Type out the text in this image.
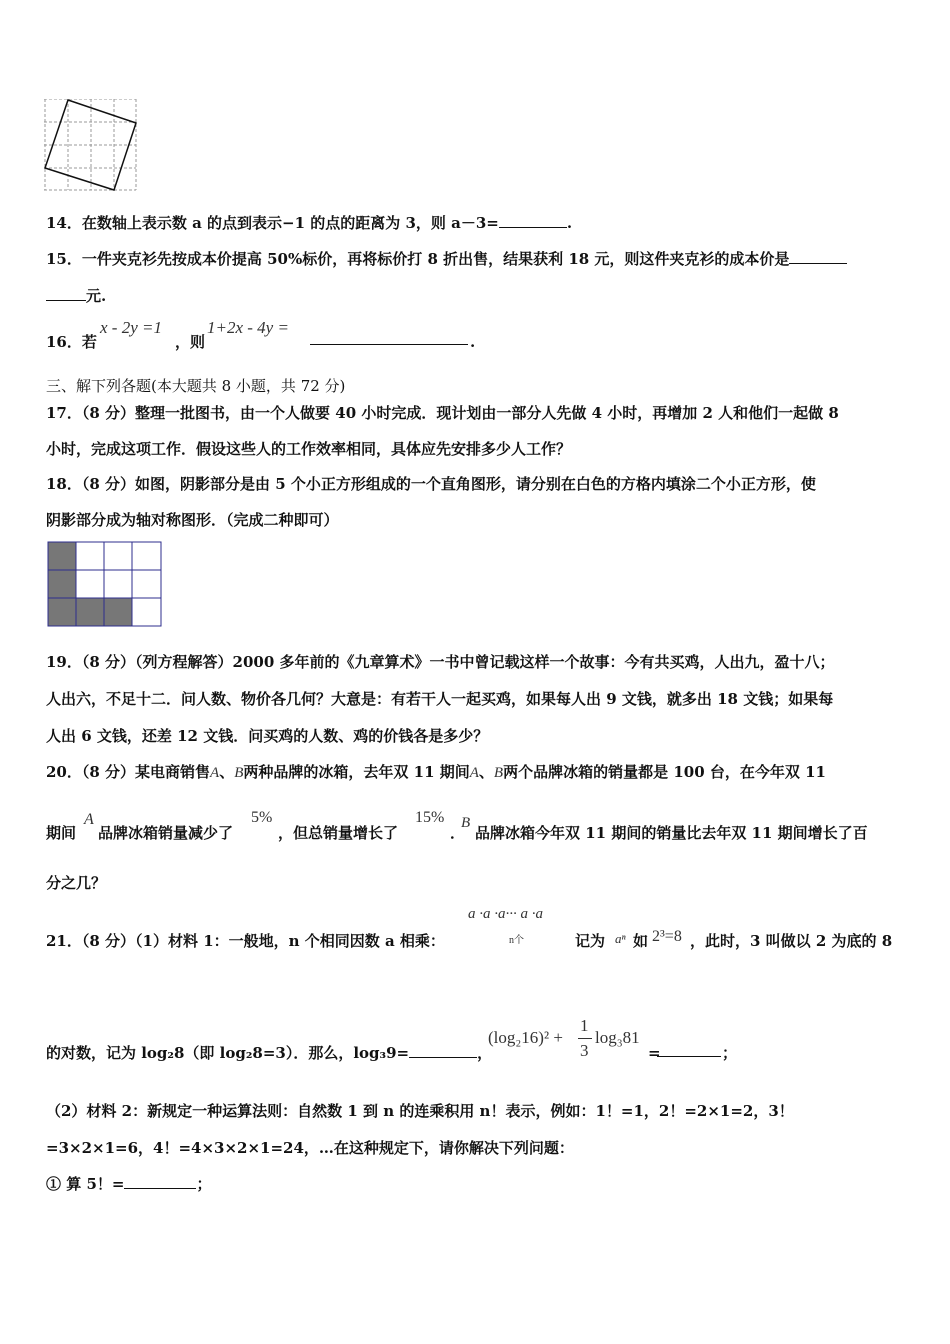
14．在数轴上表示数 a 的点到表示−1 的点的距离为 3，则 a－3=	.
15．一件夹克衫先按成本价提高 50%标价，再将标价打 8 折出售，结果获利 18 元，则这件夹克衫的成本价是
元.
16．若
x - 2y =1
，则
1+2x - 4y =
.
三、解下列各题(本大题共 8 小题，共 72 分)
17．（8 分）整理一批图书，由一个人做要 40 小时完成．现计划由一部分人先做 4 小时，再增加 2 人和他们一起做 8
小时，完成这项工作．假设这些人的工作效率相同，具体应先安排多少人工作？
18．（8 分）如图，阴影部分是由 5 个小正方形组成的一个直角图形，请分别在白色的方格内填涂二个小正方形，使
阴影部分成为轴对称图形．（完成二种即可）
19．（8 分）（列方程解答）2000 多年前的《九章算术》一书中曾记载这样一个故事：今有共买鸡，人出九，盈十八；
人出六，不足十二．问人数、物价各几何？大意是：有若干人一起买鸡，如果每人出 9 文钱，就多出 18 文钱；如果每
人出 6 文钱，还差 12 文钱．问买鸡的人数、鸡的价钱各是多少？
20．（8 分）某电商销售A、B两种品牌的冰箱，去年双 11 期间A、B两个品牌冰箱的销量都是 100 台，在今年双 11
期间
A
品牌冰箱销量减少了
5%
，但总销量增长了
15%
．
B
品牌冰箱今年双 11 期间的销量比去年双 11 期间增长了百
分之几？
21．（8 分）（1）材料 1：一般地，n 个相同因数 a 相乘：
a ·a ·a··· a ·a
n个	记为 aⁿ 如 2³=8 ，此时，3 叫做以 2 为底的 8
的对数，记为 log₂8（即 log₂8=3）．那么，log₃9=	，
(log₂16)² +
1
3
log₃81
=	；
（2）材料 2：新规定一种运算法则：自然数 1 到 n 的连乘积用 n！表示，例如：1！=1，2！=2×1=2，3！
=3×2×1=6，4！=4×3×2×1=24，…在这种规定下，请你解决下列问题：
① 算 5！=	；
